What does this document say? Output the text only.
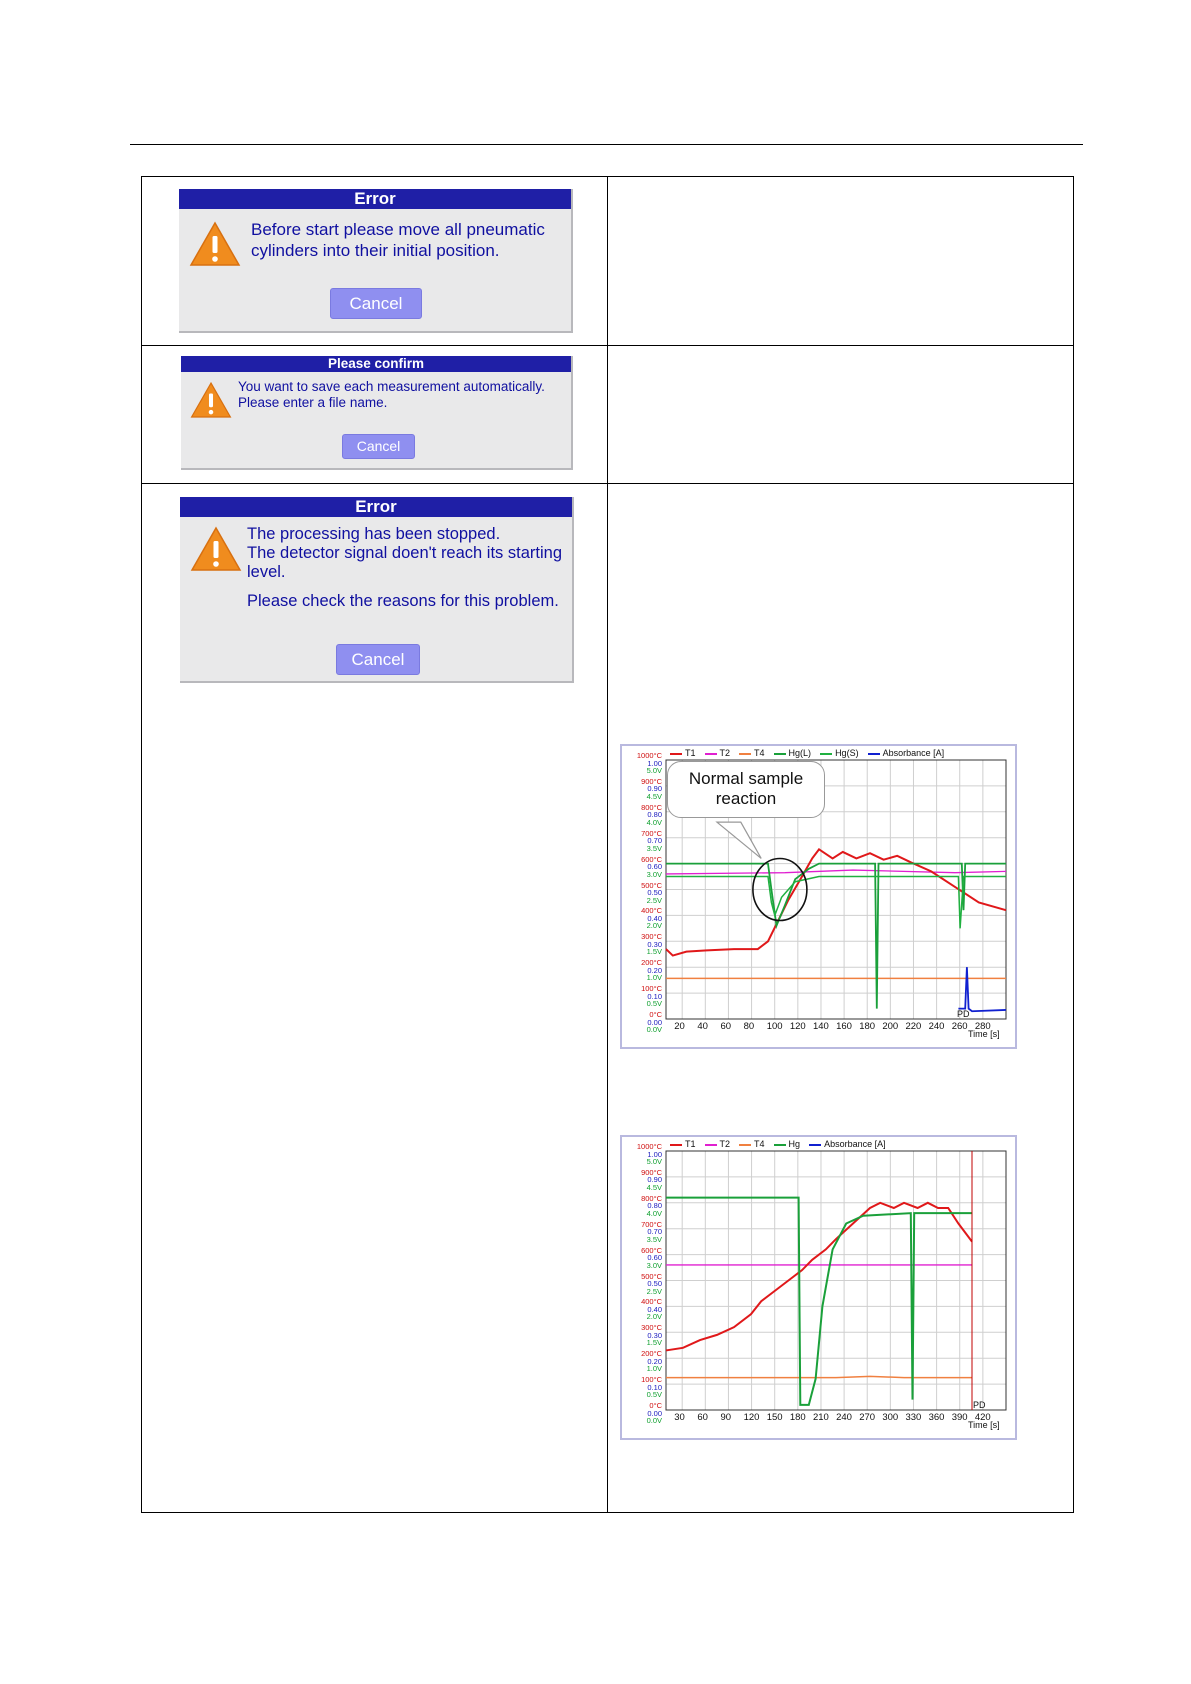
Error
Before start please move all pneumatic
cylinders into their initial position.
Cancel
Please confirm
You want to save each measurement automatically.
Please enter a file name.
Cancel
Error
The processing has been stopped.
The detector signal doen't reach its starting
level.
Please check the reasons for this problem.
Cancel
T1	T2	T4	Hg(L)	Hg(S)	Absorbance [A]
1000°C
1.00
5.0V
900°C
0.90
4.5V
800°C
0.80
4.0V
700°C
0.70
3.5V
600°C
0.60
3.0V
500°C
0.50
2.5V
400°C
0.40
2.0V
300°C
0.30
1.5V
200°C
0.20
1.0V
100°C
0.10
0.5V
0°C
0.00
0.0V 20 40 60 80 100 120 140 160 180 200 220 240 260 280
Time [s]
PD
Normal sample reaction
T1	T2	T4	Hg	Absorbance [A]
1000°C
1.00
5.0V
900°C
0.90
4.5V
800°C
0.80
4.0V
700°C
0.70
3.5V
600°C
0.60
3.0V
500°C
0.50
2.5V
400°C
0.40
2.0V
300°C
0.30
1.5V
200°C
0.20
1.0V
100°C
0.10
0.5V
0°C
0.00
0.0V 30 60 90 120 150 180 210 240 270 300 330 360 390 420
Time [s]
PD
